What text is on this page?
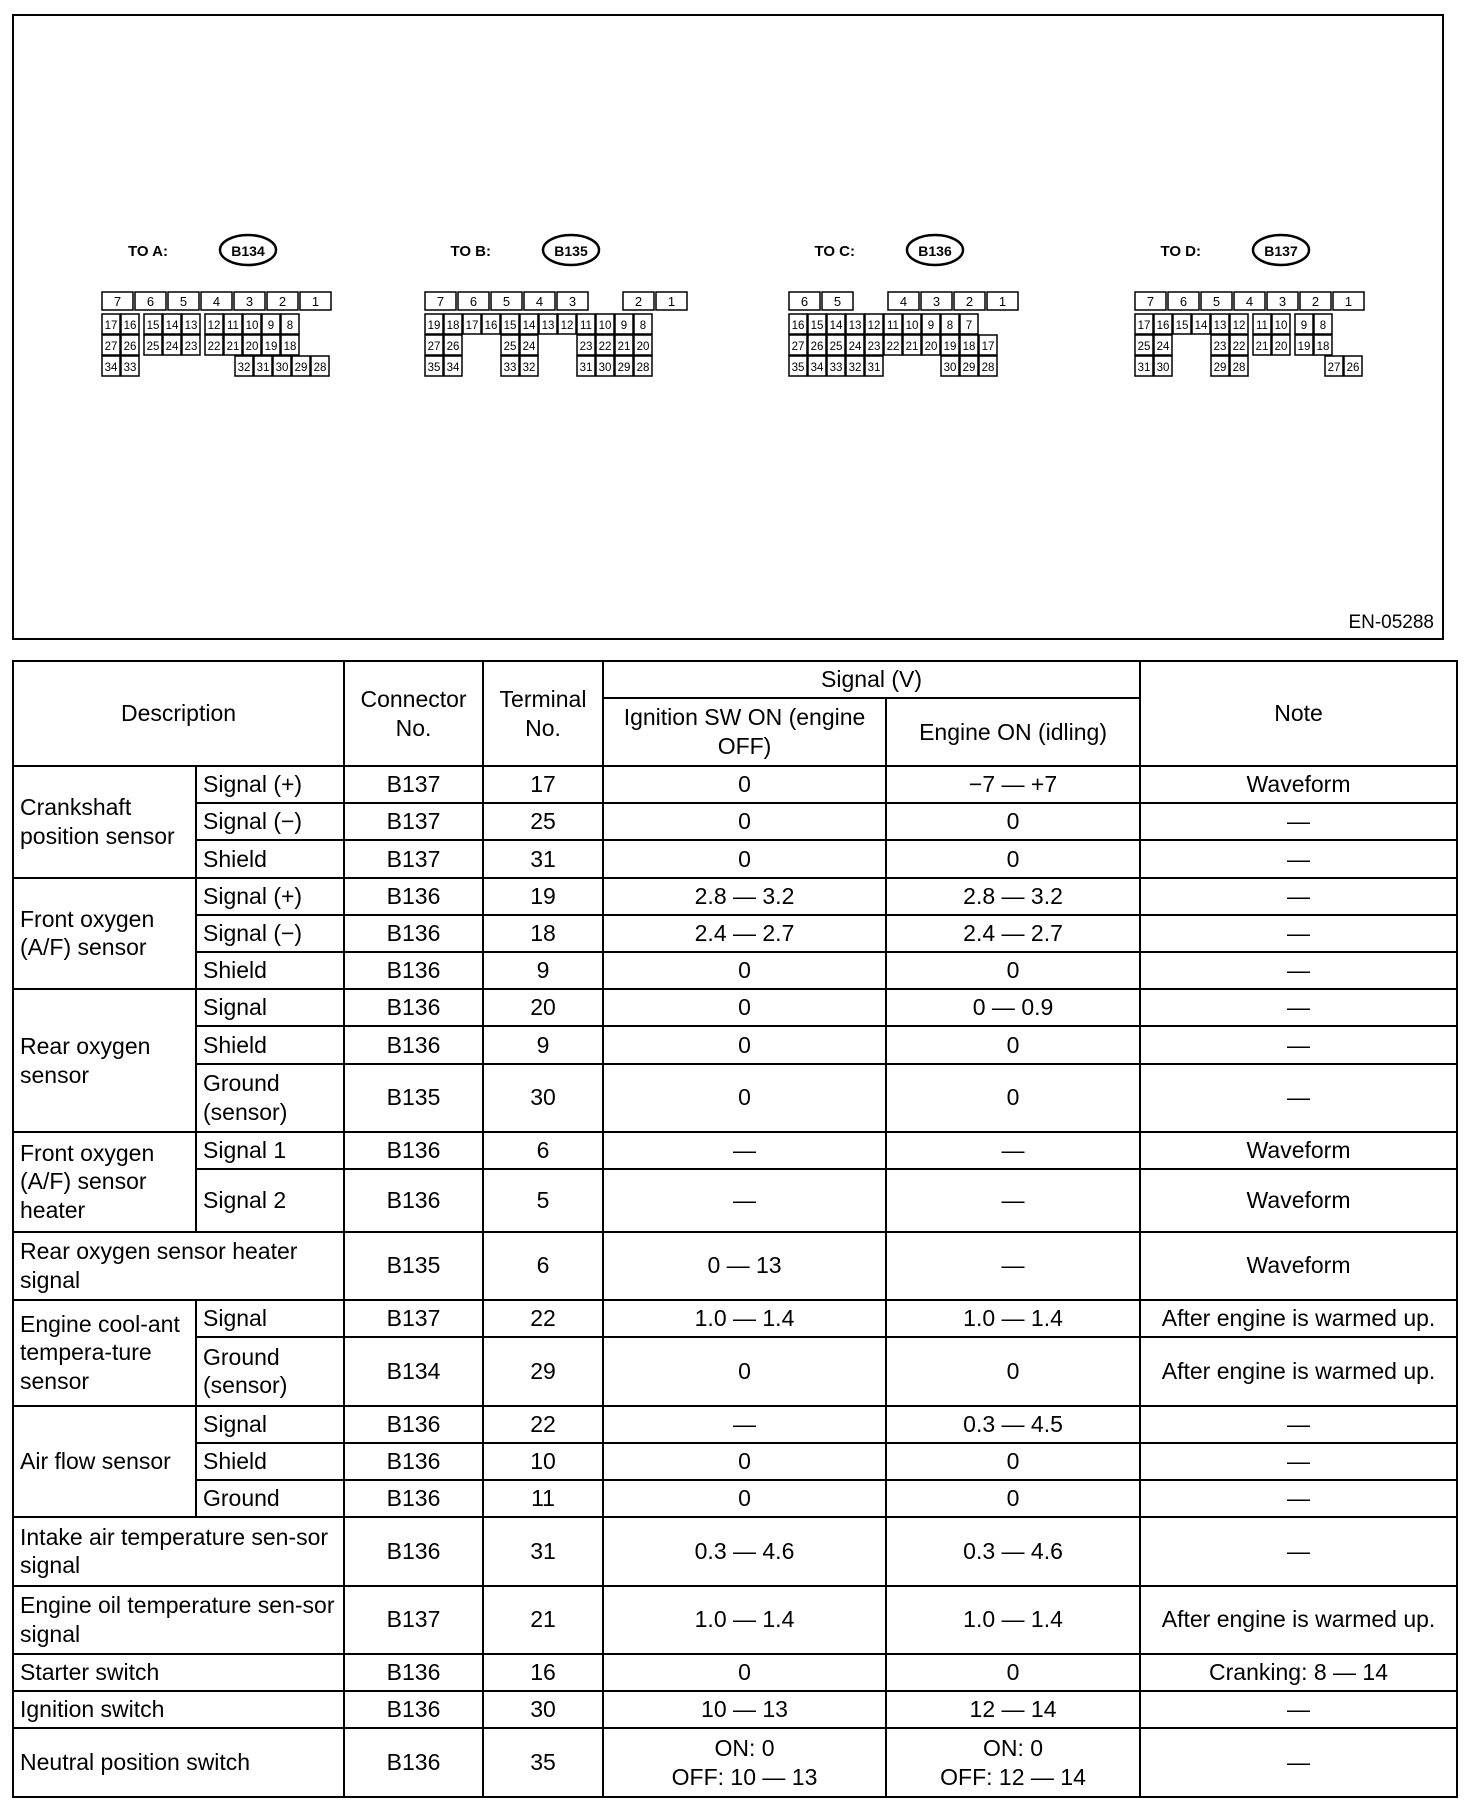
TO A:	B134
7 6 5 4 3 2 1
17 16 15 14 13 12 11 10 9 8
27 26 25 24 23 22 21 20 19 18
34 33	32 31 30 29 28
TO B:	B135
7 6 5 4 3	2 1
19 18 17 16 15 14 13 12 11 10 9 8
27 26	25 24	23 22 21 20
35 34	33 32	31 30 29 28
TO C:	B136
6 5	4 3 2 1
16 15 14 13 12 11 10 9 8 7
27 26 25 24 23 22 21 20 19 18 17
35 34 33 32 31	30 29 28
TO D:	B137
7 6 5 4 3 2 1
17 16 15 14 13 12 11 10 9 8
25 24	23 22 21 20 19 18
31 30	29 28	27 26
EN-05288
Description		Connector No.	Terminal No.	Signal (V)		Note
				Ignition SW ON (engine OFF)	Engine ON (idling)	
Crankshaft position sensor	Signal (+)	B137	17	0	−7 — +7	Waveform
	Signal (−)	B137	25	0	0	—
	Shield	B137	31	0	0	—
Front oxygen (A/F) sensor	Signal (+)	B136	19	2.8 — 3.2	2.8 — 3.2	—
	Signal (−)	B136	18	2.4 — 2.7	2.4 — 2.7	—
	Shield	B136	9	0	0	—
Rear oxygen sensor	Signal	B136	20	0	0 — 0.9	—
	Shield	B136	9	0	0	—
	Ground (sensor)	B135	30	0	0	—
Front oxygen (A/F) sensor heater	Signal 1	B136	6	—	—	Waveform
	Signal 2	B136	5	—	—	Waveform
Rear oxygen sensor heater signal		B135	6	0 — 13	—	Waveform
Engine cool-ant tempera-ture sensor	Signal	B137	22	1.0 — 1.4	1.0 — 1.4	After engine is warmed up.
	Ground (sensor)	B134	29	0	0	After engine is warmed up.
Air flow sensor	Signal	B136	22	—	0.3 — 4.5	—
	Shield	B136	10	0	0	—
	Ground	B136	11	0	0	—
Intake air temperature sen-sor signal		B136	31	0.3 — 4.6	0.3 — 4.6	—
Engine oil temperature sen-sor signal		B137	21	1.0 — 1.4	1.0 — 1.4	After engine is warmed up.
Starter switch		B136	16	0	0	Cranking: 8 — 14
Ignition switch		B136	30	10 — 13	12 — 14	—
Neutral position switch		B136	35	ON: 0
OFF: 10 — 13	ON: 0
OFF: 12 — 14	—
